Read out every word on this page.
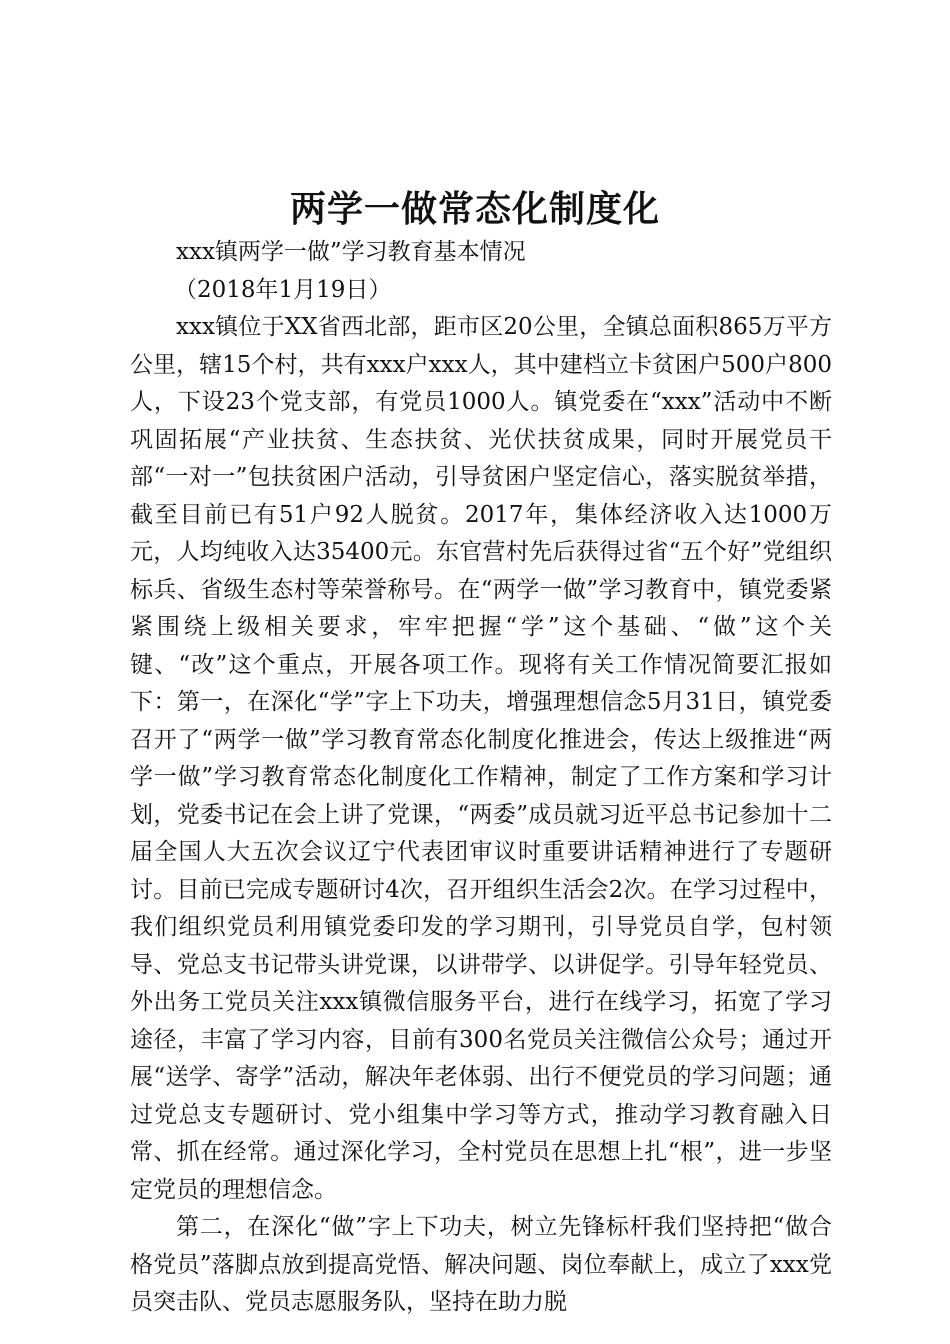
两学一做常态化制度化

xxx镇两学一做”学习教育基本情况

（2018年1月19日）

xxx镇位于XX省西北部，距市区20公里，全镇总面积865万平方公里，辖15个村，共有xxx户xxx人，其中建档立卡贫困户500户800人，下设23个党支部，有党员1000人。镇党委在“xxx”活动中不断巩固拓展“产业扶贫、生态扶贫、光伏扶贫成果，同时开展党员干部“一对一”包扶贫困户活动，引导贫困户坚定信心，落实脱贫举措，截至目前已有51户92人脱贫。2017年，集体经济收入达1000万元，人均纯收入达35400元。东官营村先后获得过省“五个好”党组织标兵、省级生态村等荣誉称号。在“两学一做”学习教育中，镇党委紧紧围绕上级相关要求，牢牢把握“学”这个基础、“做”这个关键、“改”这个重点，开展各项工作。现将有关工作情况简要汇报如下：第一，在深化“学”字上下功夫，增强理想信念5月31日，镇党委召开了“两学一做”学习教育常态化制度化推进会，传达上级推进“两学一做”学习教育常态化制度化工作精神，制定了工作方案和学习计划，党委书记在会上讲了党课，“两委”成员就习近平总书记参加十二届全国人大五次会议辽宁代表团审议时重要讲话精神进行了专题研讨。目前已完成专题研讨4次，召开组织生活会2次。在学习过程中，我们组织党员利用镇党委印发的学习期刊，引导党员自学，包村领导、党总支书记带头讲党课，以讲带学、以讲促学。引导年轻党员、外出务工党员关注xxx镇微信服务平台，进行在线学习，拓宽了学习途径，丰富了学习内容，目前有300名党员关注微信公众号；通过开展“送学、寄学”活动，解决年老体弱、出行不便党员的学习问题；通过党总支专题研讨、党小组集中学习等方式，推动学习教育融入日常、抓在经常。通过深化学习，全村党员在思想上扎“根”，进一步坚定党员的理想信念。

第二，在深化“做”字上下功夫，树立先锋标杆我们坚持把“做合格党员”落脚点放到提高党悟、解决问题、岗位奉献上，成立了xxx党员突击队、党员志愿服务队，坚持在助力脱
